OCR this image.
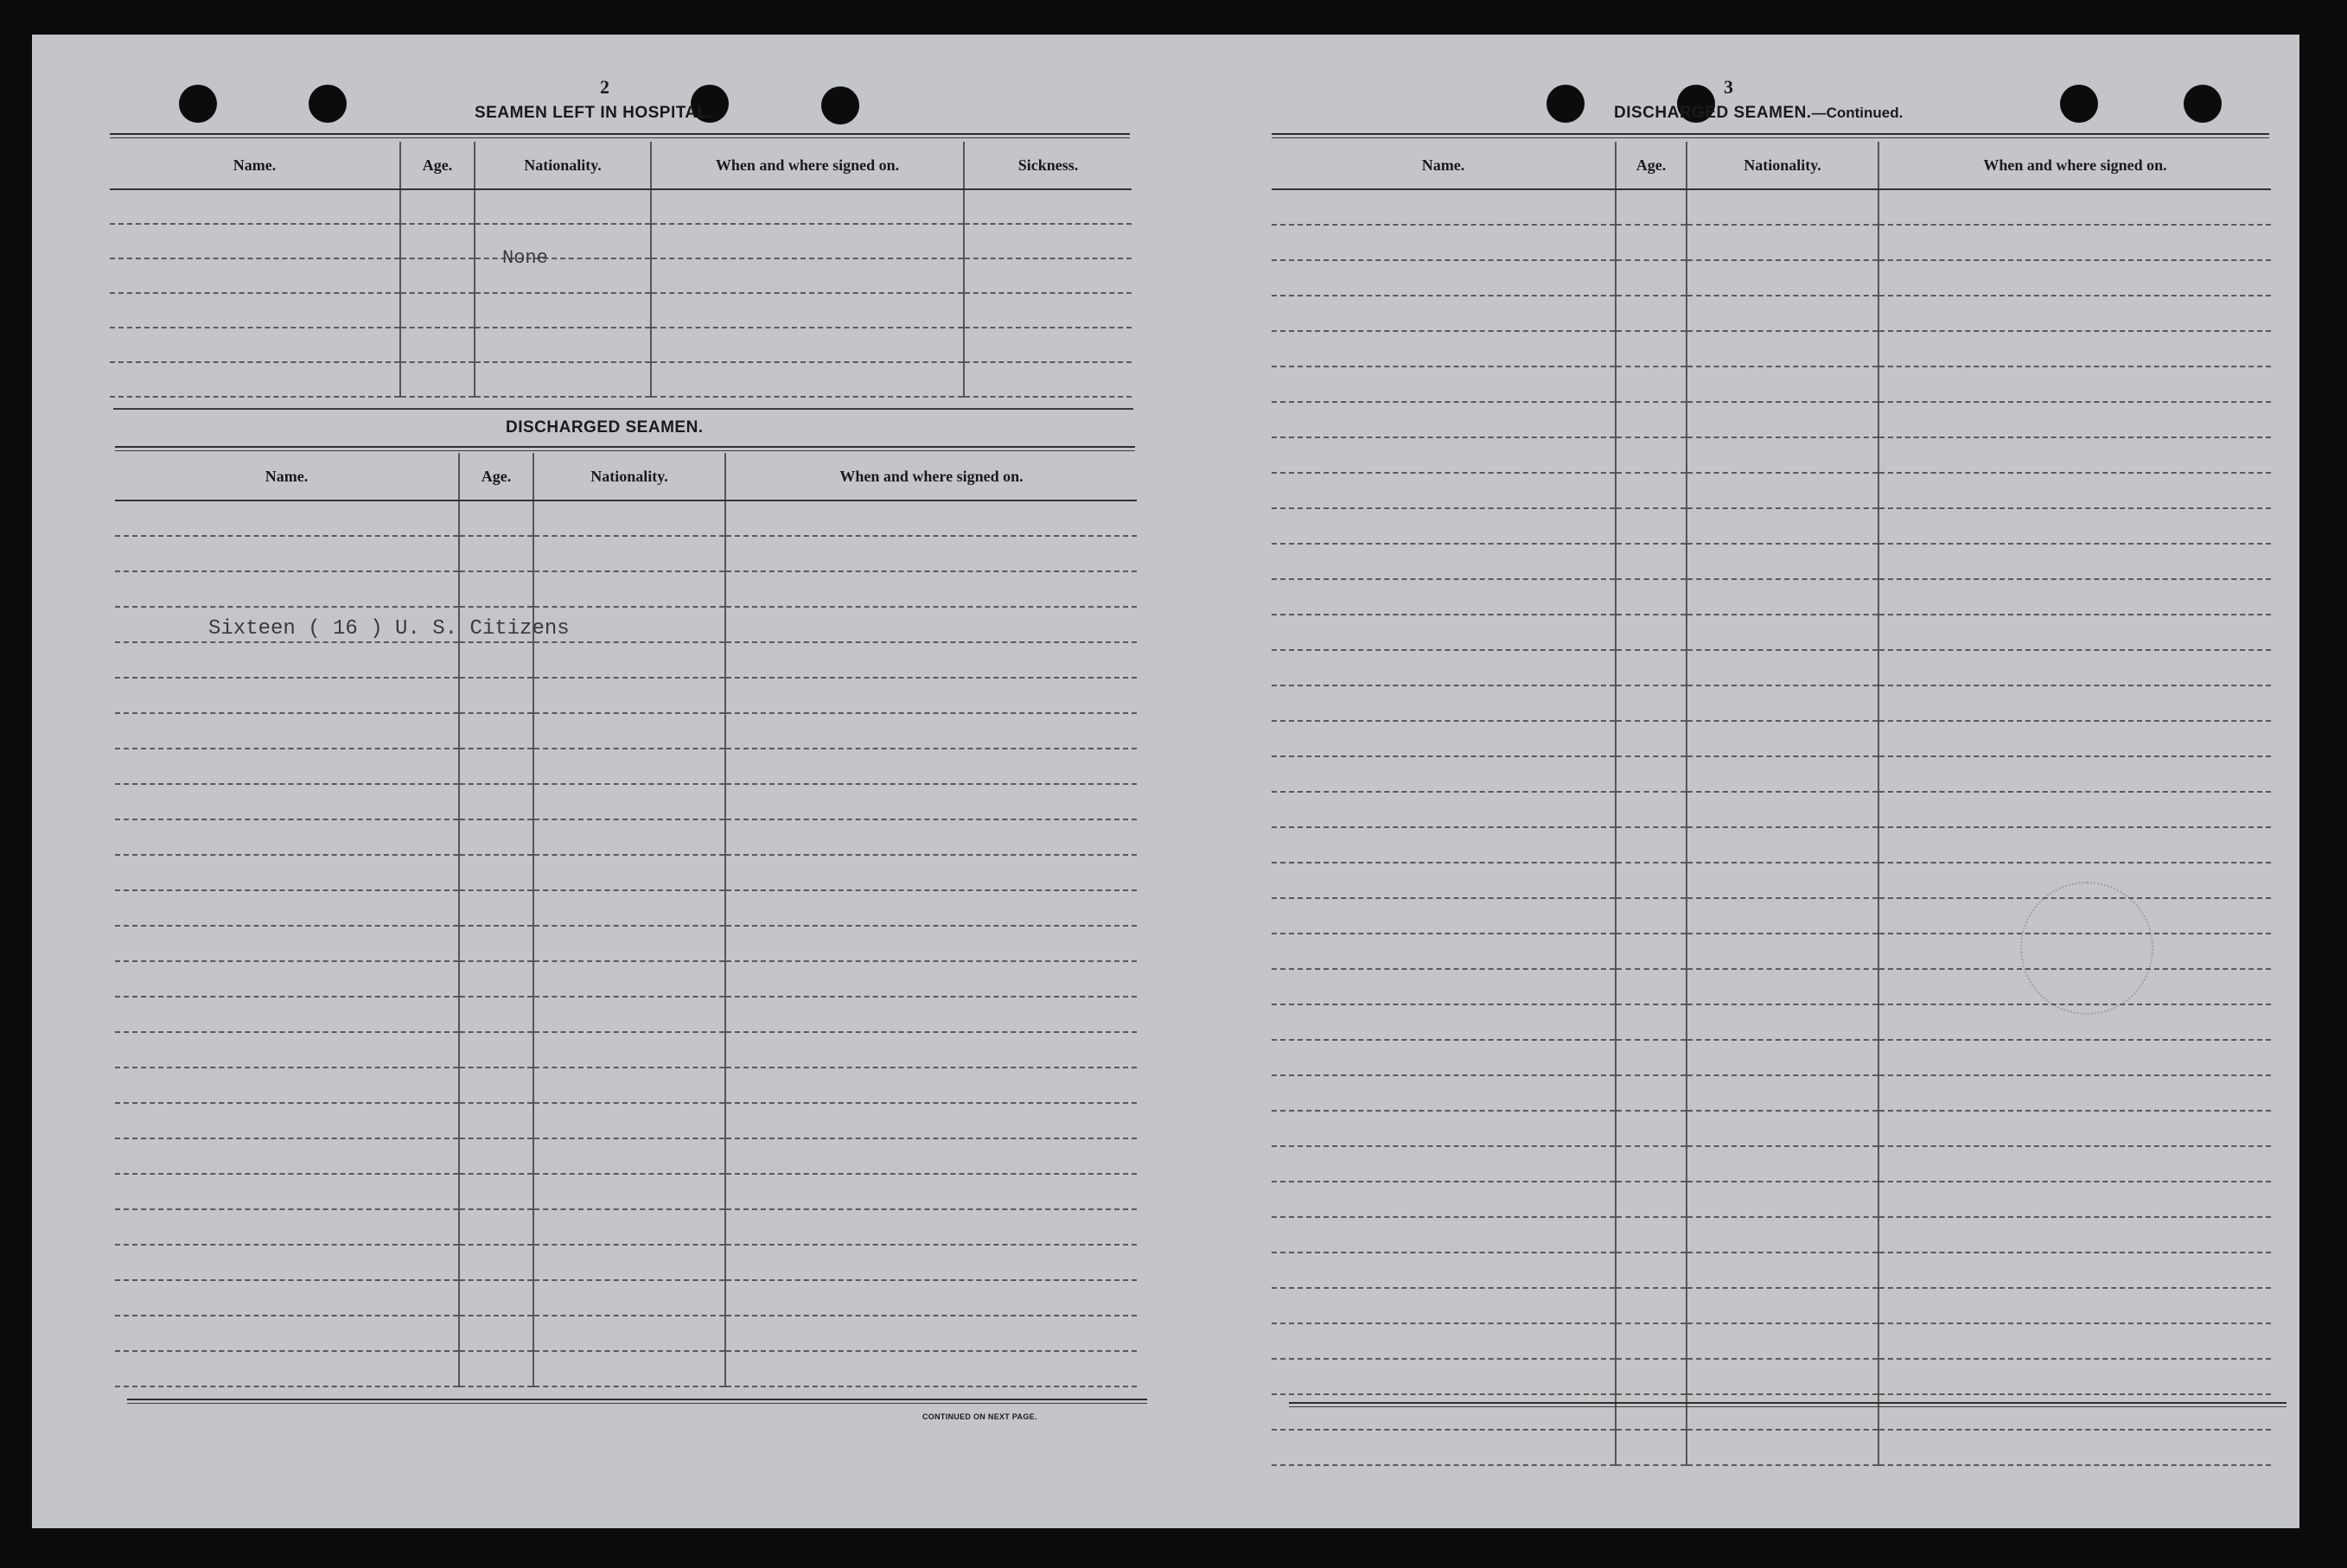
2
SEAMEN LEFT IN HOSPITAL.
Name.	Age.	Nationality.	When and where signed on.	Sickness.

None
DISCHARGED SEAMEN.
Name.	Age.	Nationality.	When and where signed on.

Sixteen ( 16 ) U. S. Citizens
CONTINUED ON NEXT PAGE.
3
DISCHARGED SEAMEN.—Continued.
Name.	Age.	Nationality.	When and where signed on.
